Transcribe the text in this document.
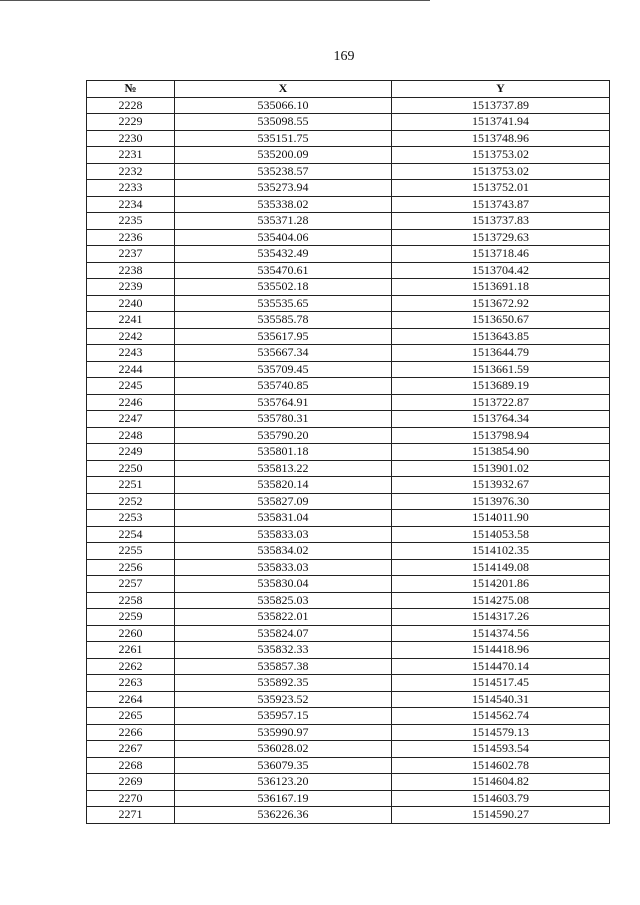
169
№	X	Y
2228	535066.10	1513737.89
2229	535098.55	1513741.94
2230	535151.75	1513748.96
2231	535200.09	1513753.02
2232	535238.57	1513753.02
2233	535273.94	1513752.01
2234	535338.02	1513743.87
2235	535371.28	1513737.83
2236	535404.06	1513729.63
2237	535432.49	1513718.46
2238	535470.61	1513704.42
2239	535502.18	1513691.18
2240	535535.65	1513672.92
2241	535585.78	1513650.67
2242	535617.95	1513643.85
2243	535667.34	1513644.79
2244	535709.45	1513661.59
2245	535740.85	1513689.19
2246	535764.91	1513722.87
2247	535780.31	1513764.34
2248	535790.20	1513798.94
2249	535801.18	1513854.90
2250	535813.22	1513901.02
2251	535820.14	1513932.67
2252	535827.09	1513976.30
2253	535831.04	1514011.90
2254	535833.03	1514053.58
2255	535834.02	1514102.35
2256	535833.03	1514149.08
2257	535830.04	1514201.86
2258	535825.03	1514275.08
2259	535822.01	1514317.26
2260	535824.07	1514374.56
2261	535832.33	1514418.96
2262	535857.38	1514470.14
2263	535892.35	1514517.45
2264	535923.52	1514540.31
2265	535957.15	1514562.74
2266	535990.97	1514579.13
2267	536028.02	1514593.54
2268	536079.35	1514602.78
2269	536123.20	1514604.82
2270	536167.19	1514603.79
2271	536226.36	1514590.27
